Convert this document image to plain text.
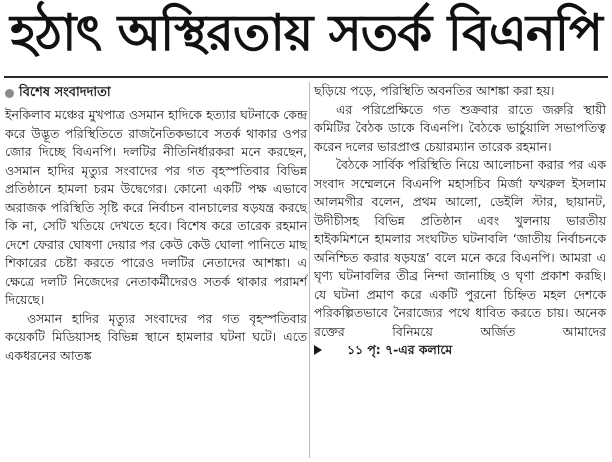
হঠাৎ অস্থিরতায় সতর্ক বিএনপি
বিশেষ সংবাদদাতা

ইনকিলাব মঞ্চের মুখপাত্র ওসমান হাদিকে হত্যার ঘটনাকে কেন্দ্র করে উদ্ভূত পরিস্থিতিতে রাজনৈতিকভাবে সতর্ক থাকার ওপর জোর দিচ্ছে বিএনপি। দলটির নীতিনির্ধারকরা মনে করছেন, ওসমান হাদির মৃত্যুর সংবাদের পর গত বৃহস্পতিবার বিভিন্ন প্রতিষ্ঠানে হামলা চরম উদ্বেগের। কোনো একটি পক্ষ এভাবে অরাজক পরিস্থিতি সৃষ্টি করে নির্বাচন বানচালের ষড়যন্ত্র করছে কি না, সেটি খতিয়ে দেখতে হবে। বিশেষ করে তারেক রহমান দেশে ফেরার ঘোষণা দেয়ার পর কেউ কেউ ঘোলা পানিতে মাছ শিকারের চেষ্টা করতে পারেও দলটির নেতাদের আশঙ্কা। এ ক্ষেত্রে দলটি নিজেদের নেতাকর্মীদেরও সতর্ক থাকার পরামর্শ দিয়েছে।

ওসমান হাদির মৃত্যুর সংবাদের পর গত বৃহস্পতিবার কয়েকটি মিডিয়াসহ বিভিন্ন স্থানে হামলার ঘটনা ঘটে। এতে একধরনের আতঙ্ক

ছড়িয়ে পড়ে, পরিস্থিতি অবনতির আশঙ্কা করা হয়।

এর পরিপ্রেক্ষিতে গত শুক্রবার রাতে জরুরি স্থায়ী কমিটির বৈঠক ডাকে বিএনপি। বৈঠকে ভার্চুয়ালি সভাপতিত্ব করেন দলের ভারপ্রাপ্ত চেয়ারম্যান তারেক রহমান।

বৈঠকে সার্বিক পরিস্থিতি নিয়ে আলোচনা করার পর এক সংবাদ সম্মেলনে বিএনপি মহাসচিব মির্জা ফখরুল ইসলাম আলমগীর বলেন, প্রথম আলো, ডেইলি স্টার, ছায়ানট, উদীচীসহ বিভিন্ন প্রতিষ্ঠান এবং খুলনায় ভারতীয় হাইকমিশনে হামলার সংঘটিত ঘটনাবলি ‘জাতীয় নির্বাচনকে অনিশ্চিত করার ষড়যন্ত্র’ বলে মনে করে বিএনপি। আমরা এ ঘৃণ্য ঘটনাবলির তীব্র নিন্দা জানাচ্ছি ও ঘৃণা প্রকাশ করছি। যে ঘটনা প্রমাণ করে একটি পুরনো চিহ্নিত মহল দেশকে পরিকল্পিতভাবে নৈরাজ্যের পথে ধাবিত করতে চায়। অনেক রক্তের বিনিময়ে অর্জিত আমাদের
১১ পৃ: ৭-এর কলামে
